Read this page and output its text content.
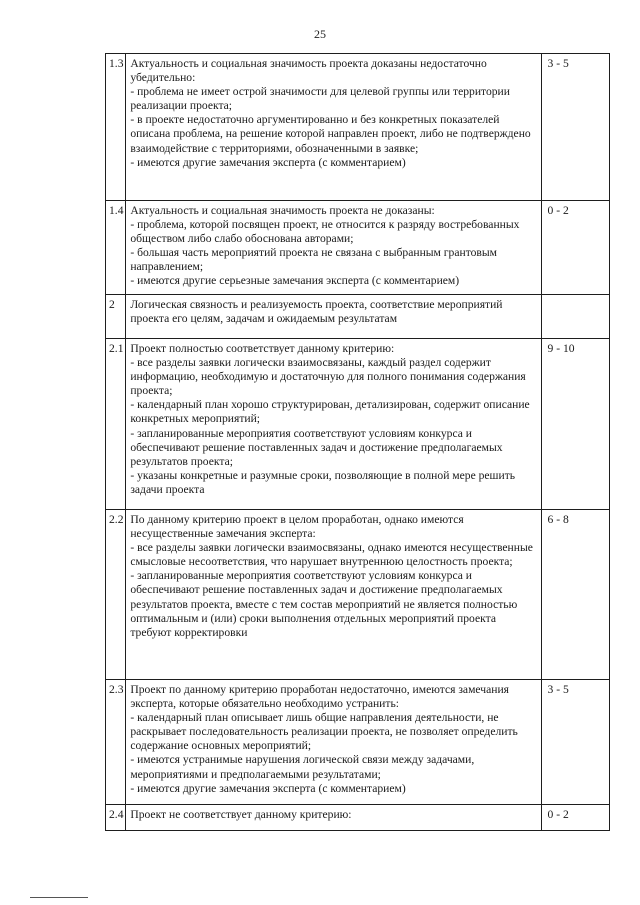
25
1.3	Актуальность и социальная значимость проекта доказаны недостаточно убедительно:
- проблема не имеет острой значимости для целевой группы или территории реализации проекта;
- в проекте недостаточно аргументированно и без конкретных показателей описана проблема, на решение которой направлен проект, либо не подтверждено взаимодействие с территориями, обозначенными в заявке;
- имеются другие замечания эксперта (с комментарием)	3 - 5
1.4	Актуальность и социальная значимость проекта не доказаны:
- проблема, которой посвящен проект, не относится к разряду востребованных обществом либо слабо обоснована авторами;
- большая часть мероприятий проекта не связана с выбранным грантовым направлением;
- имеются другие серьезные замечания эксперта (с комментарием)	0 - 2
2	Логическая связность и реализуемость проекта, соответствие мероприятий проекта его целям, задачам и ожидаемым результатам	

2.1	Проект полностью соответствует данному критерию:
- все разделы заявки логически взаимосвязаны, каждый раздел содержит информацию, необходимую и достаточную для полного понимания содержания проекта;
- календарный план хорошо структурирован, детализирован, содержит описание конкретных мероприятий;
- запланированные мероприятия соответствуют условиям конкурса и обеспечивают решение поставленных задач и достижение предполагаемых результатов проекта;
- указаны конкретные и разумные сроки, позволяющие в полной мере решить задачи проекта	9 - 10
2.2	По данному критерию проект в целом проработан, однако имеются несущественные замечания эксперта:
- все разделы заявки логически взаимосвязаны, однако имеются несущественные смысловые несоответствия, что нарушает внутреннюю целостность проекта;
- запланированные мероприятия соответствуют условиям конкурса и обеспечивают решение поставленных задач и достижение предполагаемых результатов проекта, вместе с тем состав мероприятий не является полностью оптимальным и (или) сроки выполнения отдельных мероприятий проекта требуют корректировки	6 - 8
2.3	Проект по данному критерию проработан недостаточно, имеются замечания эксперта, которые обязательно необходимо устранить:
- календарный план описывает лишь общие направления деятельности, не раскрывает последовательность реализации проекта, не позволяет определить содержание основных мероприятий;
- имеются устранимые нарушения логической связи между задачами, мероприятиями и предполагаемыми результатами;
- имеются другие замечания эксперта (с комментарием)	3 - 5
2.4	Проект не соответствует данному критерию:	0 - 2
